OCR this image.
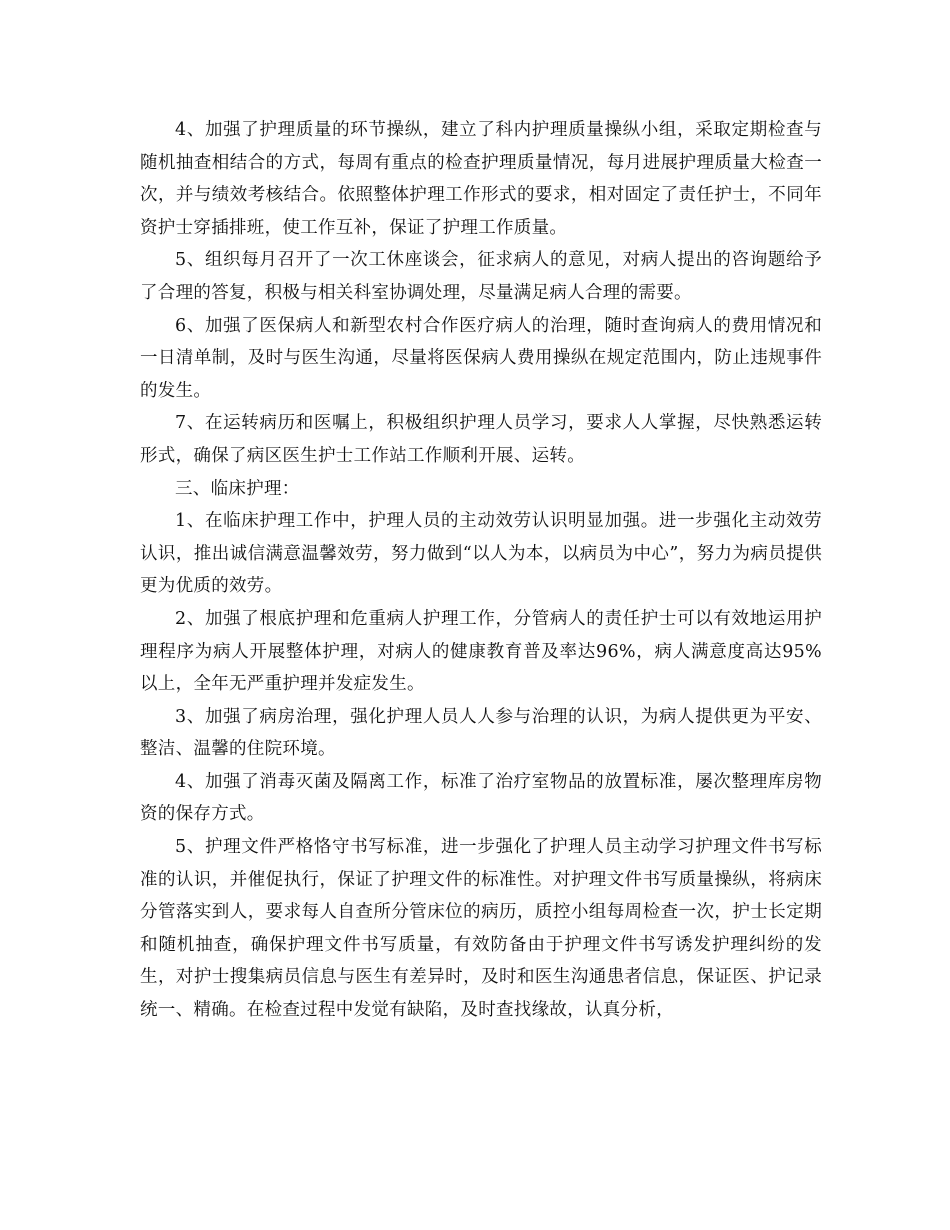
4、加强了护理质量的环节操纵，建立了科内护理质量操纵小组，采取定期检查与随机抽查相结合的方式，每周有重点的检查护理质量情况，每月进展护理质量大检查一次，并与绩效考核结合。依照整体护理工作形式的要求，相对固定了责任护士，不同年资护士穿插排班，使工作互补，保证了护理工作质量。

5、组织每月召开了一次工休座谈会，征求病人的意见，对病人提出的咨询题给予了合理的答复，积极与相关科室协调处理，尽量满足病人合理的需要。

6、加强了医保病人和新型农村合作医疗病人的治理，随时查询病人的费用情况和一日清单制，及时与医生沟通，尽量将医保病人费用操纵在规定范围内，防止违规事件的发生。

7、在运转病历和医嘱上，积极组织护理人员学习，要求人人掌握，尽快熟悉运转形式，确保了病区医生护士工作站工作顺利开展、运转。

三、临床护理：

1、在临床护理工作中，护理人员的主动效劳认识明显加强。进一步强化主动效劳认识，推出诚信满意温馨效劳，努力做到“以人为本，以病员为中心”，努力为病员提供更为优质的效劳。

2、加强了根底护理和危重病人护理工作，分管病人的责任护士可以有效地运用护理程序为病人开展整体护理，对病人的健康教育普及率达96%，病人满意度高达95%以上，全年无严重护理并发症发生。

3、加强了病房治理，强化护理人员人人参与治理的认识，为病人提供更为平安、整洁、温馨的住院环境。

4、加强了消毒灭菌及隔离工作，标准了治疗室物品的放置标准，屡次整理库房物资的保存方式。

5、护理文件严格恪守书写标准，进一步强化了护理人员主动学习护理文件书写标准的认识，并催促执行，保证了护理文件的标准性。对护理文件书写质量操纵，将病床分管落实到人，要求每人自查所分管床位的病历，质控小组每周检查一次，护士长定期和随机抽查，确保护理文件书写质量，有效防备由于护理文件书写诱发护理纠纷的发生，对护士搜集病员信息与医生有差异时，及时和医生沟通患者信息，保证医、护记录统一、精确。在检查过程中发觉有缺陷，及时查找缘故，认真分析，
